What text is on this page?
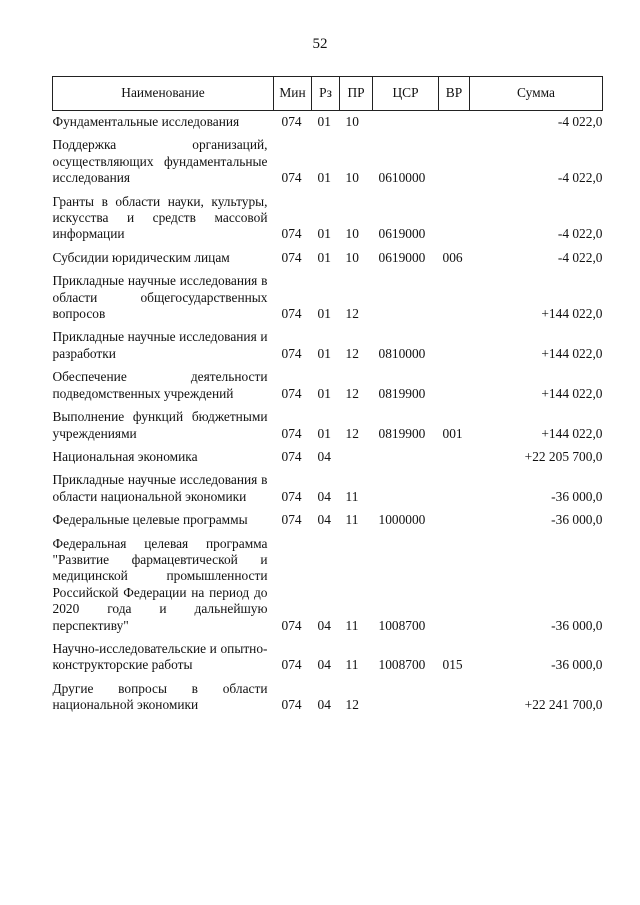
52
Наименование	Мин	Рз	ПР	ЦСР	ВР	Сумма
Фундаментальные исследования	074	01	10			-4 022,0
Поддержка организаций, осуществляющих фундаментальные исследования	074	01	10	0610000		-4 022,0
Гранты в области науки, культуры, искусства и средств массовой информации	074	01	10	0619000		-4 022,0
Субсидии юридическим лицам	074	01	10	0619000	006	-4 022,0
Прикладные научные исследования в области общегосударственных вопросов	074	01	12			+144 022,0
Прикладные научные исследования и разработки	074	01	12	0810000		+144 022,0
Обеспечение деятельности подведомственных учреждений	074	01	12	0819900		+144 022,0
Выполнение функций бюджетными учреждениями	074	01	12	0819900	001	+144 022,0
Национальная экономика	074	04				+22 205 700,0
Прикладные научные исследования в области национальной экономики	074	04	11			-36 000,0
Федеральные целевые программы	074	04	11	1000000		-36 000,0
Федеральная целевая программа "Развитие фармацевтической и медицинской промышленности Российской Федерации на период до 2020 года и дальнейшую перспективу"	074	04	11	1008700		-36 000,0
Научно-исследовательские и опытно-конструкторские работы	074	04	11	1008700	015	-36 000,0
Другие вопросы в области национальной экономики	074	04	12			+22 241 700,0
